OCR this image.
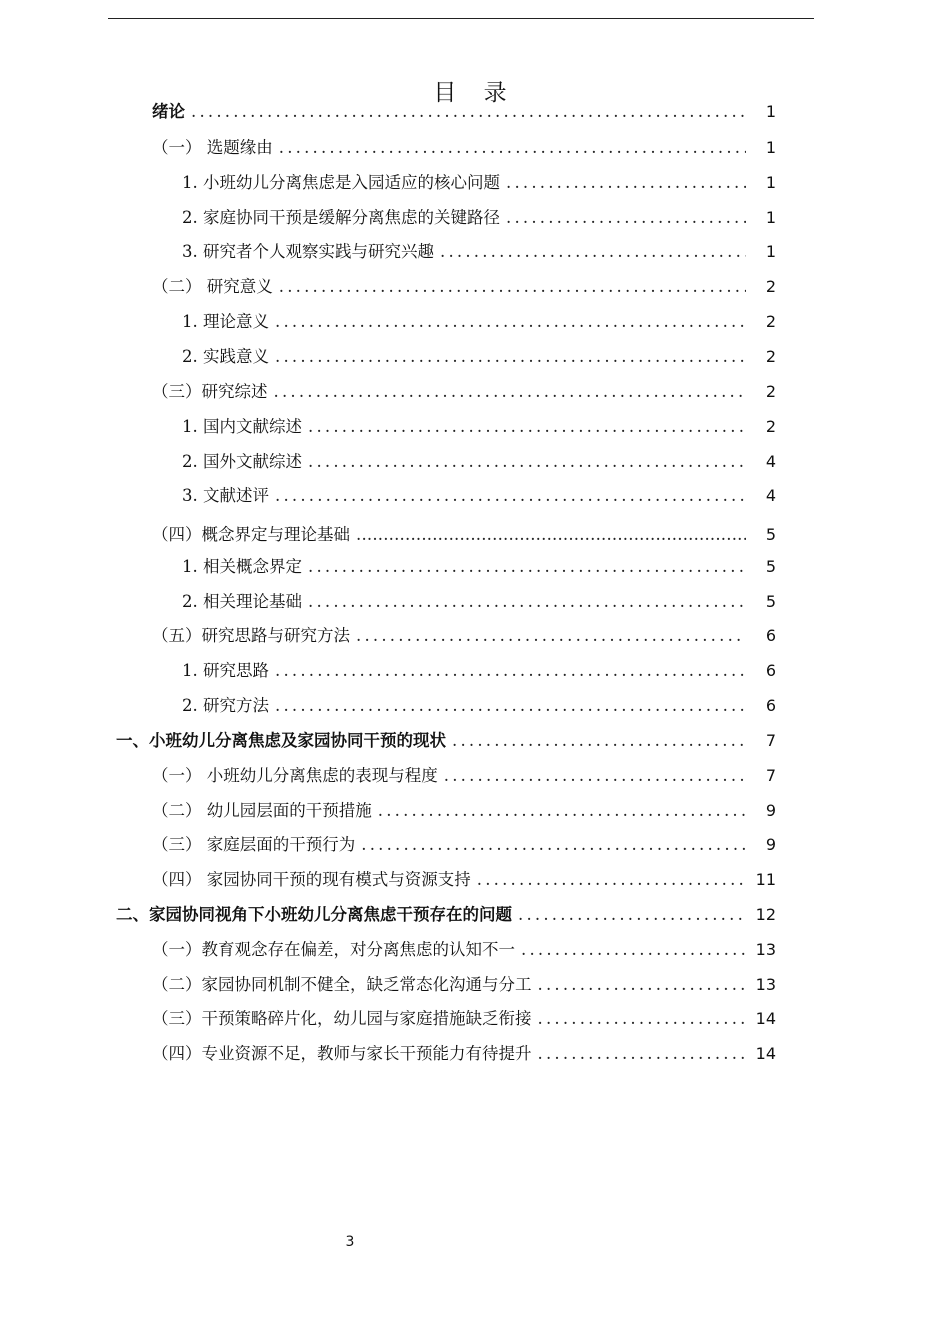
目 录
绪论 .....	1
（一） 选题缘由 .....	1
1. 小班幼儿分离焦虑是入园适应的核心问题 .....	1
2. 家庭协同干预是缓解分离焦虑的关键路径 .....	1
3. 研究者个人观察实践与研究兴趣 .....	1
（二） 研究意义 .....	2
1. 理论意义 .....	2
2. 实践意义 .....	2
（三）研究综述 .....	2
1. 国内文献综述 .....	2
2. 国外文献综述 .....	4
3. 文献述评 .....	4
（四）概念界定与理论基础 .....	5
1. 相关概念界定 .....	5
2. 相关理论基础 .....	5
（五）研究思路与研究方法 .....	6
1. 研究思路 .....	6
2. 研究方法 .....	6
一、小班幼儿分离焦虑及家园协同干预的现状 .....	7
（一） 小班幼儿分离焦虑的表现与程度 .....	7
（二） 幼儿园层面的干预措施 .....	9
（三） 家庭层面的干预行为 .....	9
（四） 家园协同干预的现有模式与资源支持 .....	11
二、家园协同视角下小班幼儿分离焦虑干预存在的问题 .....	12
（一）教育观念存在偏差，对分离焦虑的认知不一 .....	13
（二）家园协同机制不健全，缺乏常态化沟通与分工 .....	13
（三）干预策略碎片化，幼儿园与家庭措施缺乏衔接 .....	14
（四）专业资源不足，教师与家长干预能力有待提升 .....	14
3
